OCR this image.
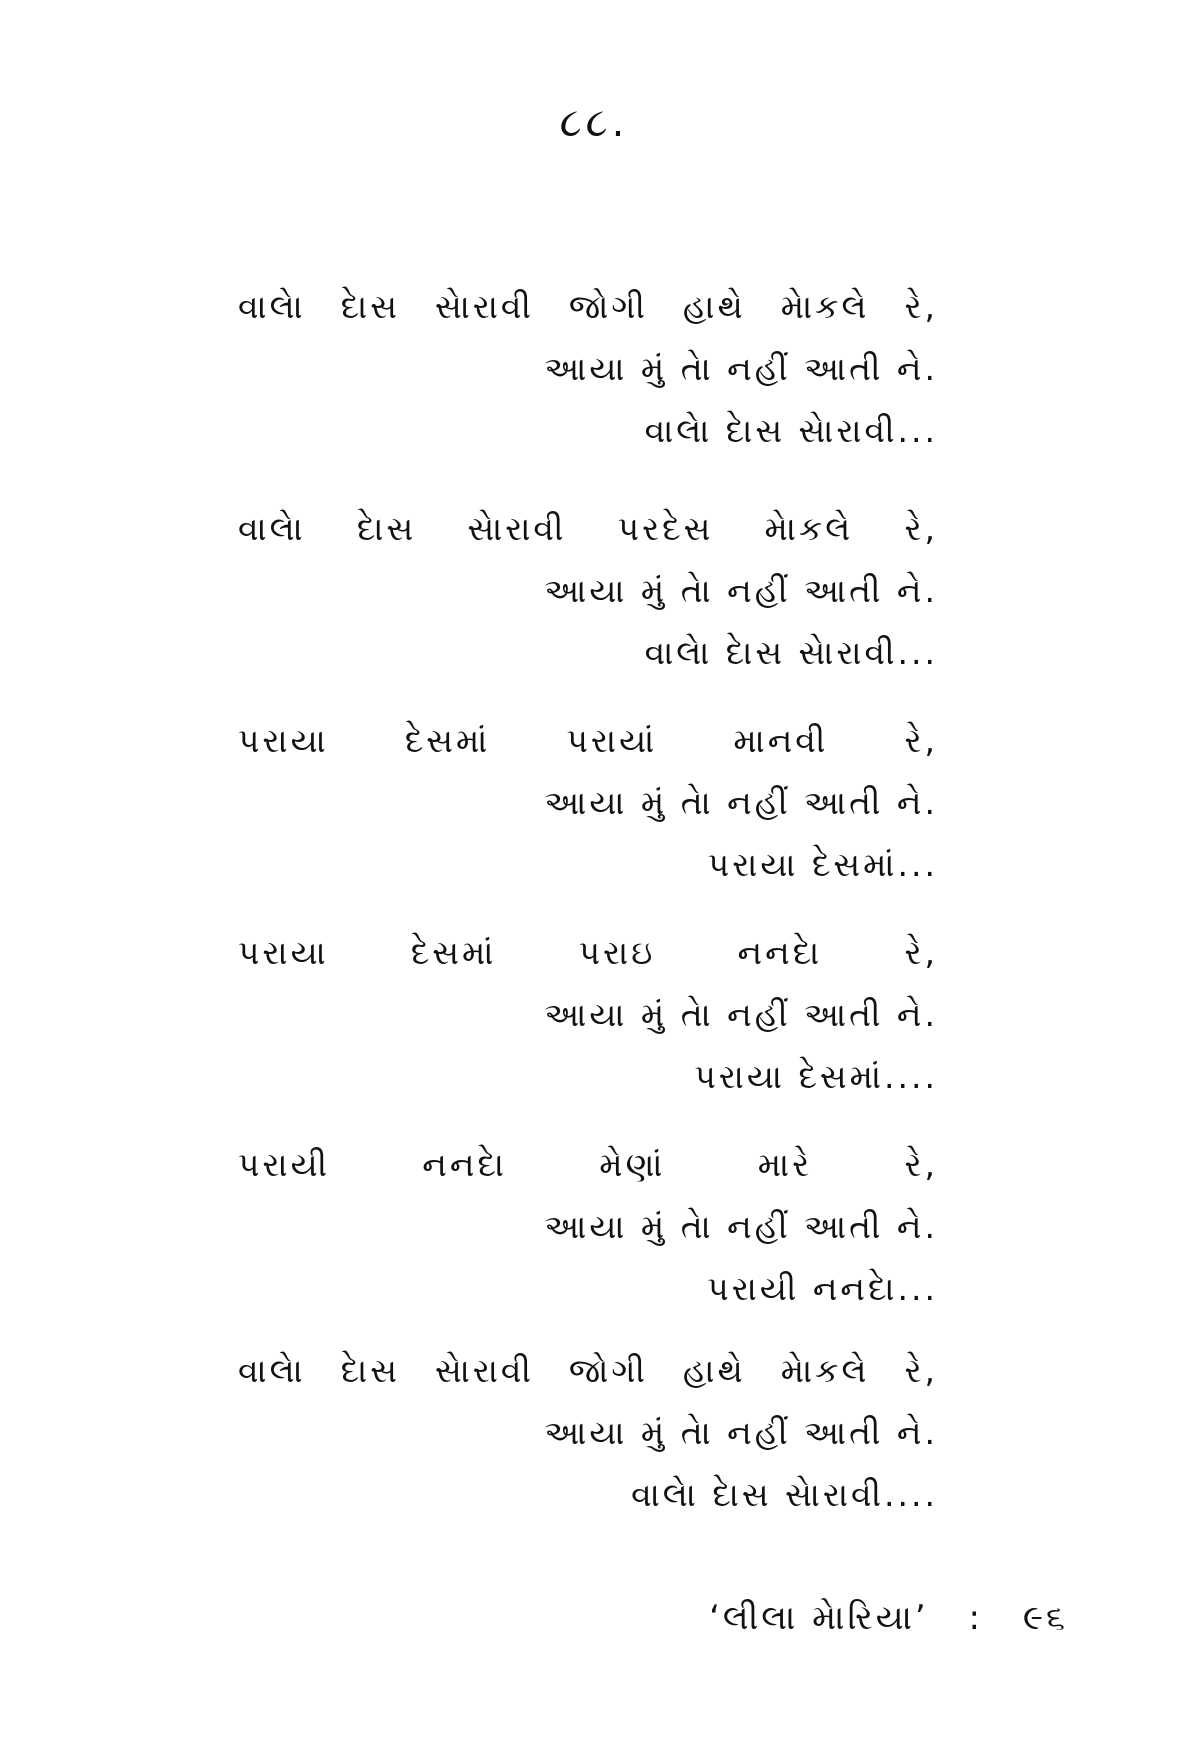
૮૮.
વાલેા દેાસ સેારાવી જોગી હાથે મેાકલે રે,
આયા મું તેા નહીં આતી ને.
વાલેા દેાસ સેારાવી...
વાલેા દેાસ સેારાવી પરદેસ મેાકલે રે,
આયા મું તેા નહીં આતી ને.
વાલેા દેાસ સેારાવી...
પરાયા દેસમાં પરાયાં માનવી રે,
આયા મું તેા નહીં આતી ને.
પરાયા દેસમાં...
પરાયા દેસમાં પરાઇ નનદેા રે,
આયા મું તેા નહીં આતી ને.
પરાયા દેસમાં....
પરાયી નનદેા મેણાં મારે રે,
આયા મું તેા નહીં આતી ને.
પરાયી નનદેા...
વાલેા દેાસ સેારાવી જોગી હાથે મેાકલે રે,
આયા મું તેા નહીં આતી ને.
વાલેા દેાસ સેારાવી....
‘લીલા મેારિયા’ : ૯૬
